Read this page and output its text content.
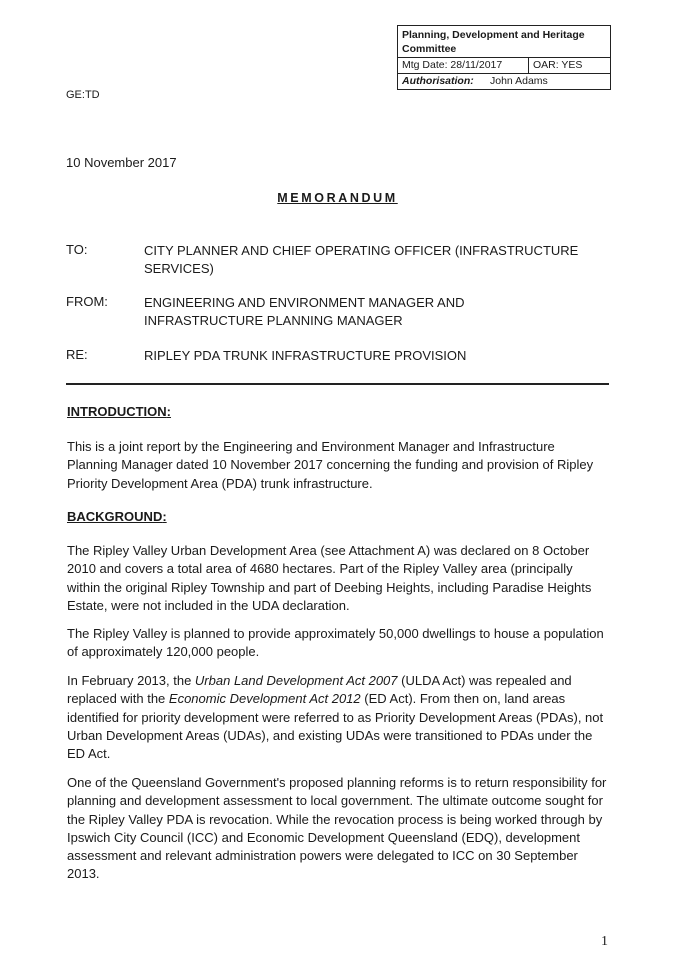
Planning, Development and Heritage Committee
Mtg Date: 28/11/2017	OAR: YES
Authorisation:	John Adams
GE:TD
10 November 2017
MEMORANDUM
TO:	CITY PLANNER AND CHIEF OPERATING OFFICER (INFRASTRUCTURE SERVICES)
FROM:	ENGINEERING AND ENVIRONMENT MANAGER AND INFRASTRUCTURE PLANNING MANAGER
RE:	RIPLEY PDA TRUNK INFRASTRUCTURE PROVISION
INTRODUCTION:
This is a joint report by the Engineering and Environment Manager and Infrastructure Planning Manager dated 10 November 2017 concerning the funding and provision of Ripley Priority Development Area (PDA) trunk infrastructure.
BACKGROUND:
The Ripley Valley Urban Development Area (see Attachment A) was declared on 8 October 2010 and covers a total area of 4680 hectares. Part of the Ripley Valley area (principally within the original Ripley Township and part of Deebing Heights, including Paradise Heights Estate, were not included in the UDA declaration.
The Ripley Valley is planned to provide approximately 50,000 dwellings to house a population of approximately 120,000 people.
In February 2013, the Urban Land Development Act 2007 (ULDA Act) was repealed and replaced with the Economic Development Act 2012 (ED Act). From then on, land areas identified for priority development were referred to as Priority Development Areas (PDAs), not Urban Development Areas (UDAs), and existing UDAs were transitioned to PDAs under the ED Act.
One of the Queensland Government's proposed planning reforms is to return responsibility for planning and development assessment to local government. The ultimate outcome sought for the Ripley Valley PDA is revocation. While the revocation process is being worked through by Ipswich City Council (ICC) and Economic Development Queensland (EDQ), development assessment and relevant administration powers were delegated to ICC on 30 September 2013.
1
